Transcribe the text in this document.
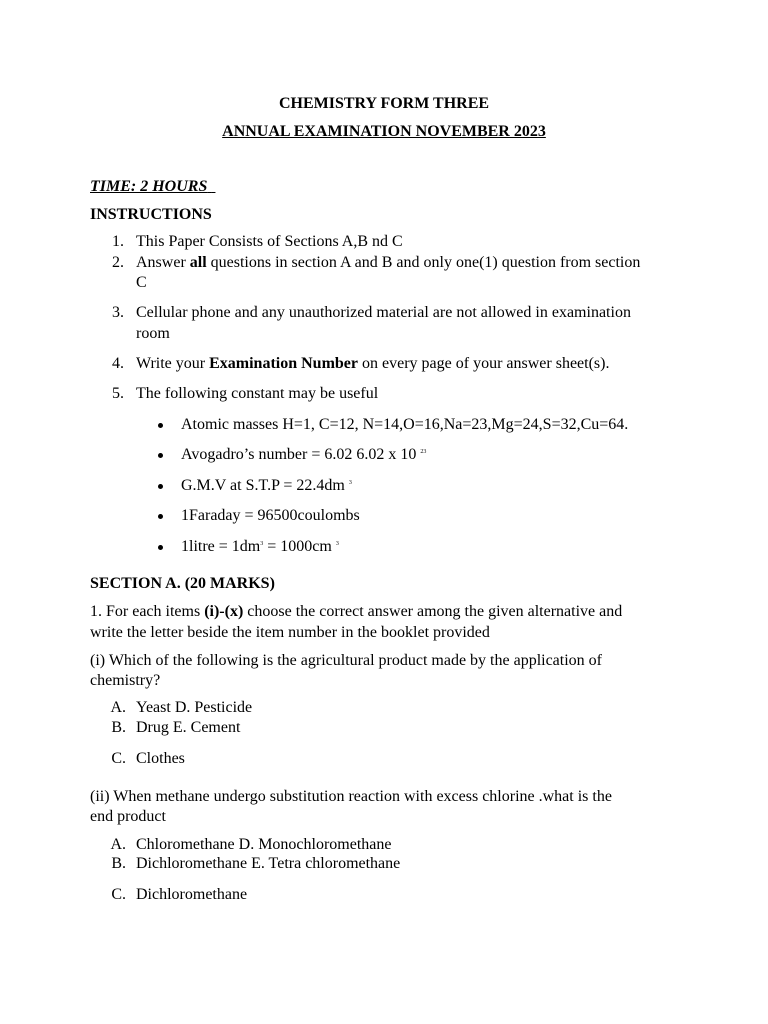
CHEMISTRY FORM THREE
ANNUAL EXAMINATION NOVEMBER 2023
TIME: 2 HOURS
INSTRUCTIONS
1. This Paper Consists of Sections A,B nd C
2. Answer all questions in section A and B and only one(1) question from section
C
3. Cellular phone and any unauthorized material are not allowed in examination
room
4. Write your Examination Number on every page of your answer sheet(s).
5. The following constant may be useful
Atomic masses H=1, C=12, N=14,O=16,Na=23,Mg=24,S=32,Cu=64.
Avogadro’s number = 6.02 6.02 x 10 $^{23}$
G.M.V at S.T.P = 22.4dm $^3$
1Faraday = 96500coulombs
1litre = $1dm^3 = 1000cm$ $^3$
SECTION A. (20 MARKS)
1. For each items (i)-(x) choose the correct answer among the given alternative and
write the letter beside the item number in the booklet provided
(i) Which of the following is the agricultural product made by the application of
chemistry?
A. Yeast D. Pesticide
B. Drug E. Cement
C. Clothes
(ii) When methane undergo substitution reaction with excess chlorine .what is the
end product
A. Chloromethane D. Monochloromethane
B. Dichloromethane E. Tetra chloromethane
C. Dichloromethane
